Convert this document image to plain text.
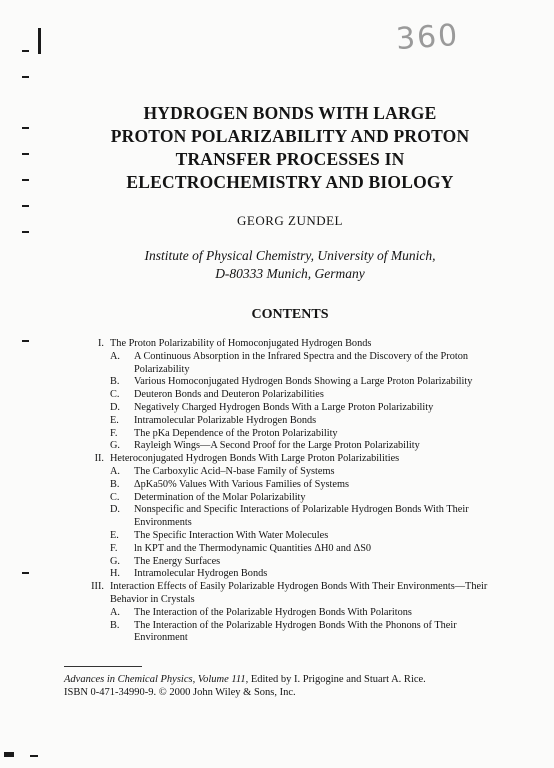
360
HYDROGEN BONDS WITH LARGE
PROTON POLARIZABILITY AND PROTON
TRANSFER PROCESSES IN
ELECTROCHEMISTRY AND BIOLOGY
GEORG ZUNDEL
Institute of Physical Chemistry, University of Munich,
D-80333 Munich, Germany
CONTENTS
I. The Proton Polarizability of Homoconjugated Hydrogen Bonds
A.	A Continuous Absorption in the Infrared Spectra and the Discovery of the Proton Polarizability
B.	Various Homoconjugated Hydrogen Bonds Showing a Large Proton Polarizability
C.	Deuteron Bonds and Deuteron Polarizabilities
D.	Negatively Charged Hydrogen Bonds With a Large Proton Polarizability
E.	Intramolecular Polarizable Hydrogen Bonds
F.	The pKa Dependence of the Proton Polarizability
G.	Rayleigh Wings—A Second Proof for the Large Proton Polarizability
II. Heteroconjugated Hydrogen Bonds With Large Proton Polarizabilities
A.	The Carboxylic Acid–N-base Family of Systems
B.	ΔpKa50% Values With Various Families of Systems
C.	Determination of the Molar Polarizability
D.	Nonspecific and Specific Interactions of Polarizable Hydrogen Bonds With Their Environments
E.	The Specific Interaction With Water Molecules
F.	ln KPT and the Thermodynamic Quantities ΔH0 and ΔS0
G.	The Energy Surfaces
H.	Intramolecular Hydrogen Bonds
III. Interaction Effects of Easily Polarizable Hydrogen Bonds With Their Environments—Their Behavior in Crystals
A.	The Interaction of the Polarizable Hydrogen Bonds With Polaritons
B.	The Interaction of the Polarizable Hydrogen Bonds With the Phonons of Their Environment
Advances in Chemical Physics, Volume 111, Edited by I. Prigogine and Stuart A. Rice.
ISBN 0-471-34990-9. © 2000 John Wiley & Sons, Inc.
